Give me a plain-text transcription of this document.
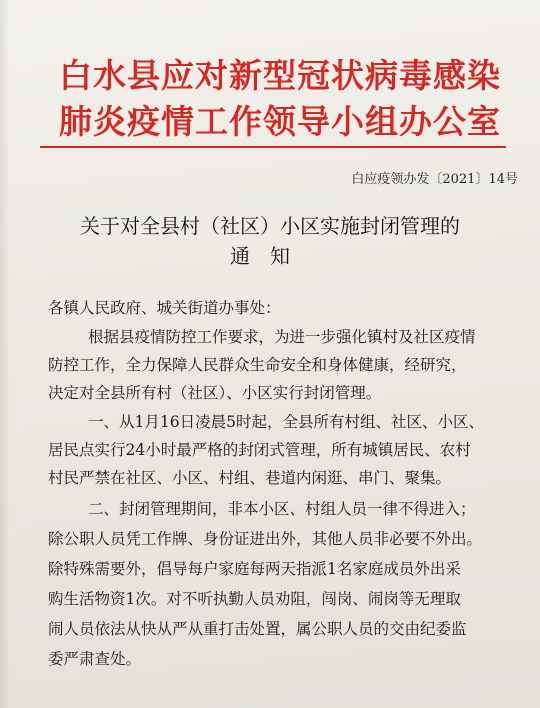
白水县应对新型冠状病毒感染
肺炎疫情工作领导小组办公室
白应疫领办发〔2021〕14号
关于对全县村（社区）小区实施封闭管理的
通知
各镇人民政府、城关街道办事处：
根据县疫情防控工作要求，为进一步强化镇村及社区疫情
防控工作，全力保障人民群众生命安全和身体健康，经研究，
决定对全县所有村（社区）、小区实行封闭管理。
一、从1月16日凌晨5时起，全县所有村组、社区、小区、
居民点实行24小时最严格的封闭式管理，所有城镇居民、农村
村民严禁在社区、小区、村组、巷道内闲逛、串门、聚集。
二、封闭管理期间，非本小区、村组人员一律不得进入；
除公职人员凭工作牌、身份证进出外，其他人员非必要不外出。
除特殊需要外，倡导每户家庭每两天指派1名家庭成员外出采
购生活物资1次。对不听执勤人员劝阻，闯岗、闹岗等无理取
闹人员依法从快从严从重打击处置，属公职人员的交由纪委监
委严肃查处。
